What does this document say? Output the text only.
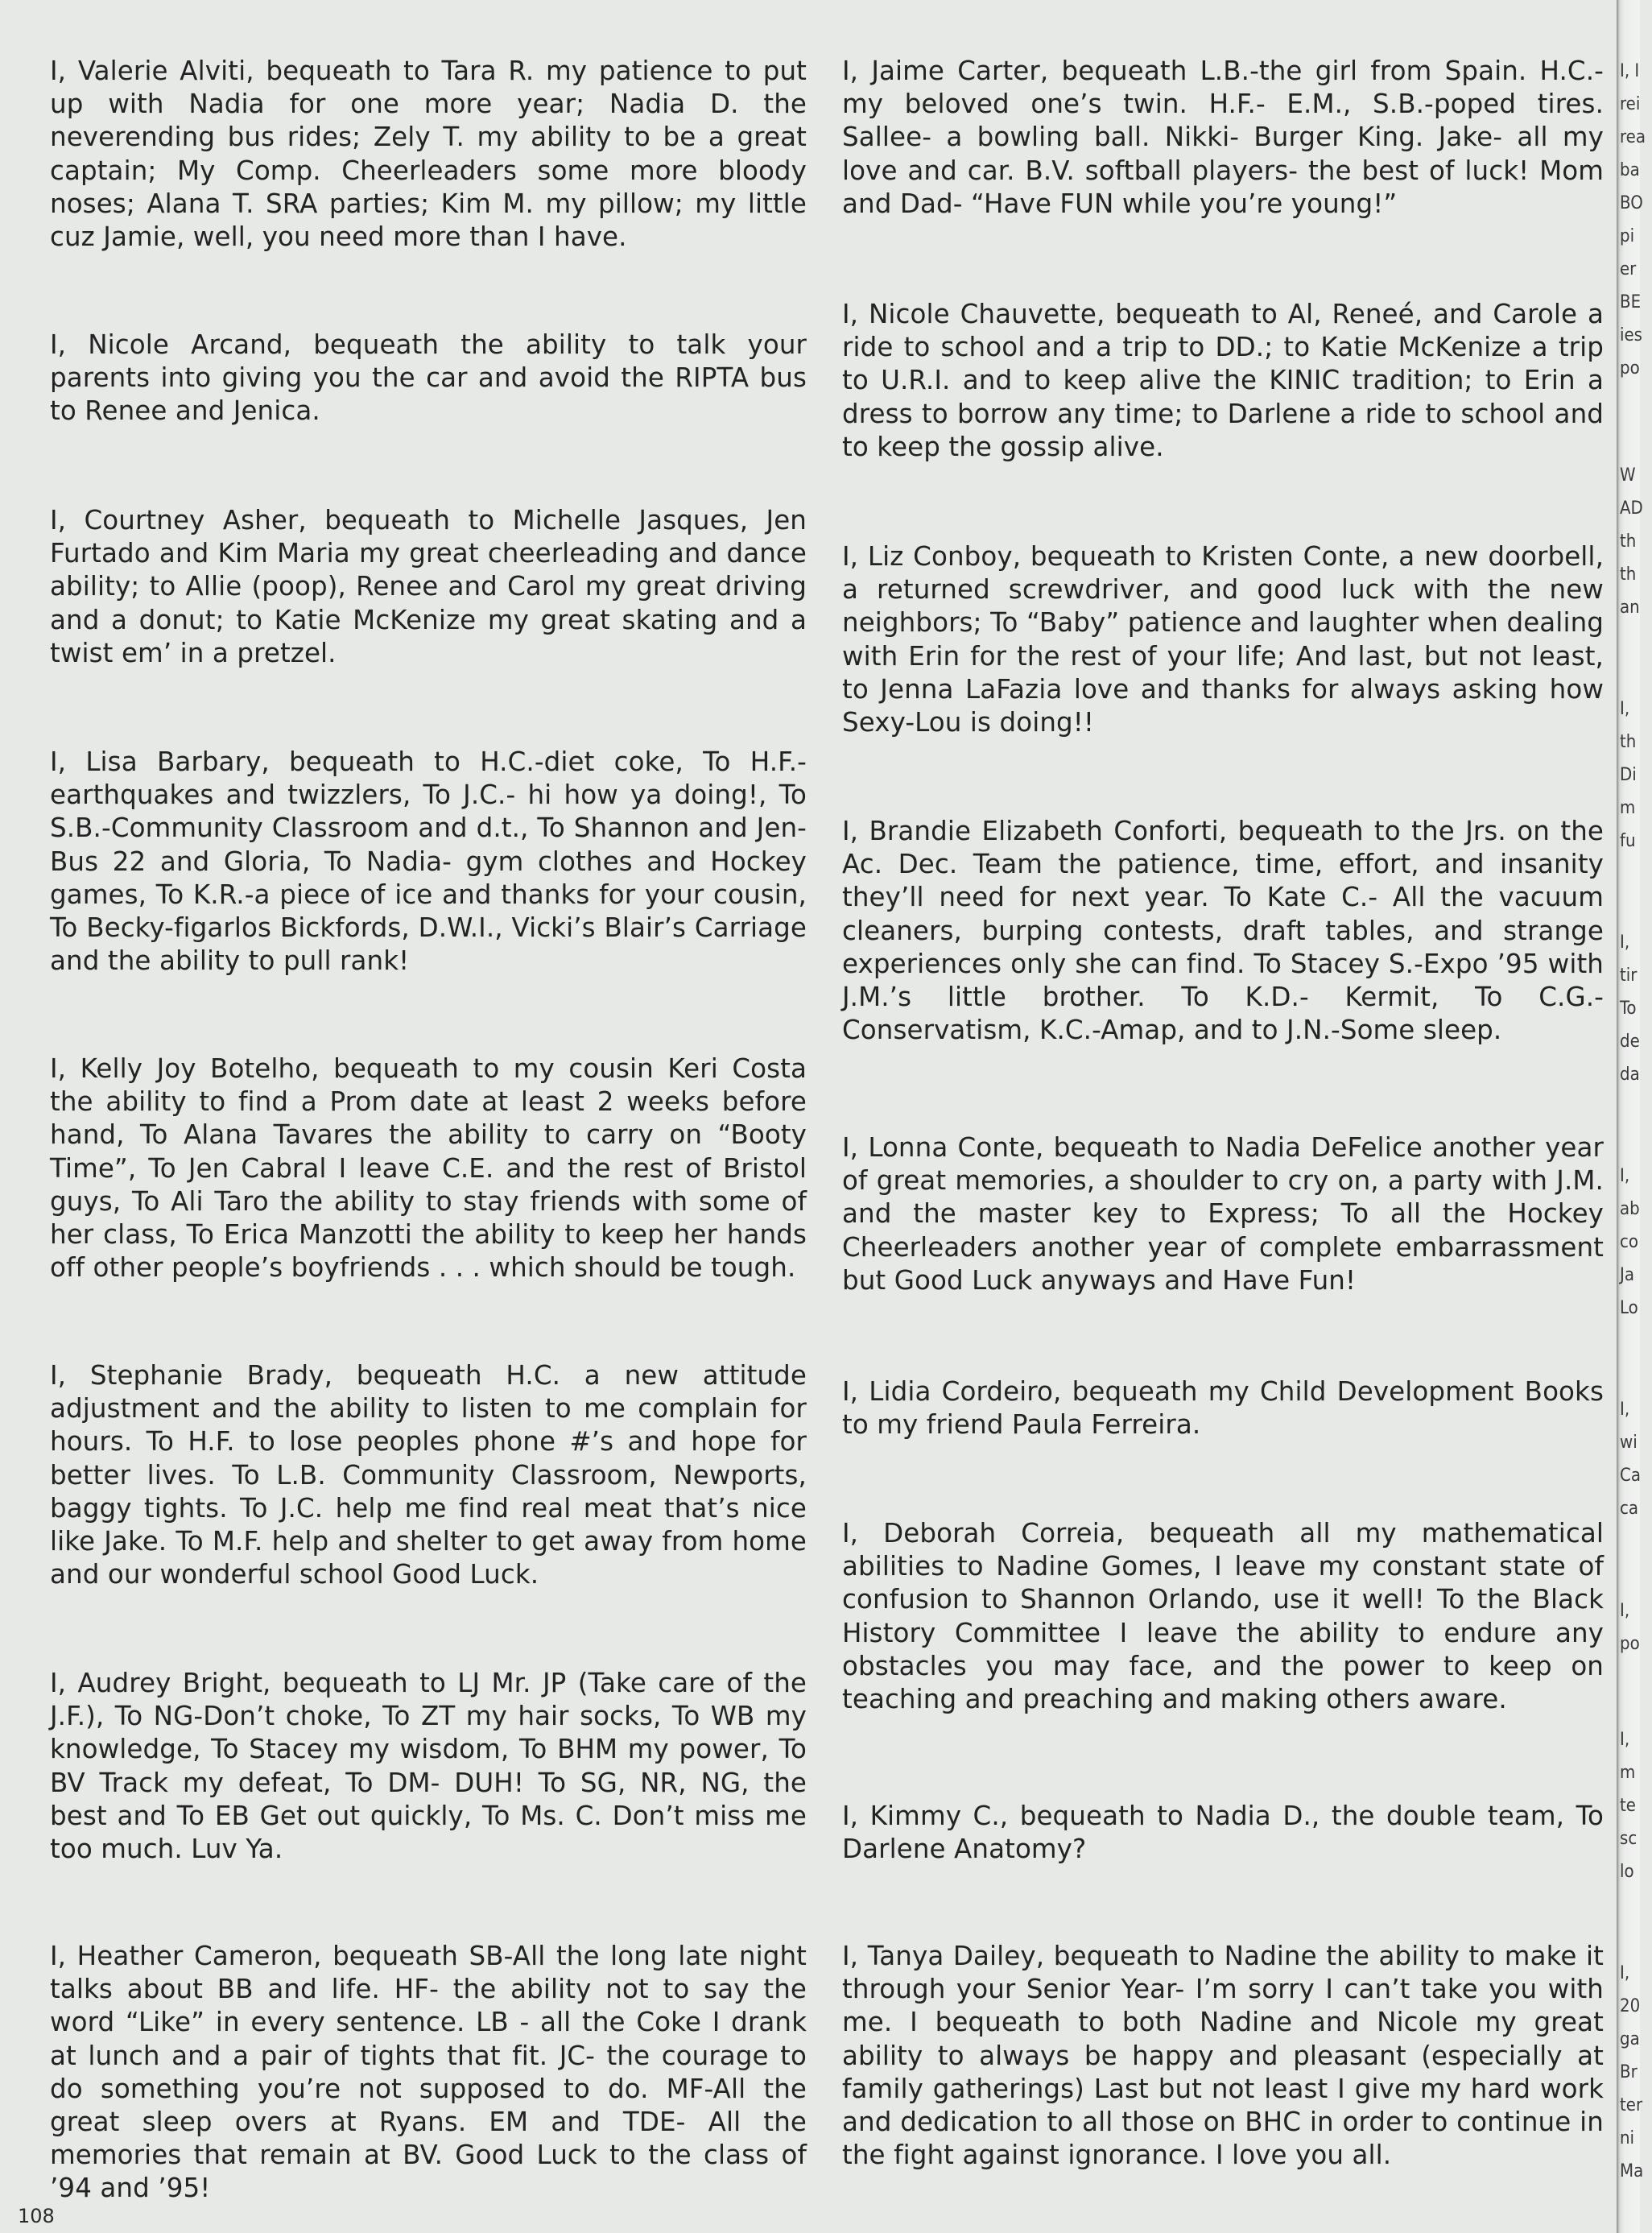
I, Valerie Alviti, bequeath to Tara R. my patience to put up with Nadia for one more year; Nadia D. the neverending bus rides; Zely T. my ability to be a great captain; My Comp. Cheerleaders some more bloody noses; Alana T. SRA parties; Kim M. my pillow; my little cuz Jamie, well, you need more than I have.

I, Nicole Arcand, bequeath the ability to talk your parents into giving you the car and avoid the RIPTA bus to Renee and Jenica.

I, Courtney Asher, bequeath to Michelle Jasques, Jen Furtado and Kim Maria my great cheerleading and dance ability; to Allie (poop), Renee and Carol my great driving and a donut; to Katie McKenize my great skating and a twist em’ in a pretzel.

I, Lisa Barbary, bequeath to H.C.-diet coke, To H.F.-earthquakes and twizzlers, To J.C.- hi how ya doing!, To S.B.-Community Classroom and d.t., To Shannon and Jen- Bus 22 and Gloria, To Nadia- gym clothes and Hockey games, To K.R.-a piece of ice and thanks for your cousin, To Becky-figarlos Bickfords, D.W.I., Vicki’s Blair’s Carriage and the ability to pull rank!

I, Kelly Joy Botelho, bequeath to my cousin Keri Costa the ability to find a Prom date at least 2 weeks before hand, To Alana Tavares the ability to carry on “Booty Time”, To Jen Cabral I leave C.E. and the rest of Bristol guys, To Ali Taro the ability to stay friends with some of her class, To Erica Manzotti the ability to keep her hands off other people’s boyfriends . . . which should be tough.

I, Stephanie Brady, bequeath H.C. a new attitude adjustment and the ability to listen to me complain for hours. To H.F. to lose peoples phone #’s and hope for better lives. To L.B. Community Classroom, Newports, baggy tights. To J.C. help me find real meat that’s nice like Jake. To M.F. help and shelter to get away from home and our wonderful school Good Luck.

I, Audrey Bright, bequeath to LJ Mr. JP (Take care of the J.F.), To NG-Don’t choke, To ZT my hair socks, To WB my knowledge, To Stacey my wisdom, To BHM my power, To BV Track my defeat, To DM- DUH! To SG, NR, NG, the best and To EB Get out quickly, To Ms. C. Don’t miss me too much. Luv Ya.

I, Heather Cameron, bequeath SB-All the long late night talks about BB and life. HF- the ability not to say the word “Like” in every sentence. LB - all the Coke I drank at lunch and a pair of tights that fit. JC- the courage to do something you’re not supposed to do. MF-All the great sleep overs at Ryans. EM and TDE- All the memories that remain at BV. Good Luck to the class of ’94 and ’95!

I, Jaime Carter, bequeath L.B.-the girl from Spain. H.C.- my beloved one’s twin. H.F.- E.M., S.B.-poped tires. Sallee- a bowling ball. Nikki- Burger King. Jake- all my love and car. B.V. softball players- the best of luck! Mom and Dad- “Have FUN while you’re young!”

I, Nicole Chauvette, bequeath to Al, Reneé, and Carole a ride to school and a trip to DD.; to Katie McKenize a trip to U.R.I. and to keep alive the KINIC tradition; to Erin a dress to borrow any time; to Darlene a ride to school and to keep the gossip alive.

I, Liz Conboy, bequeath to Kristen Conte, a new doorbell, a returned screwdriver, and good luck with the new neighbors; To “Baby” patience and laughter when dealing with Erin for the rest of your life; And last, but not least, to Jenna LaFazia love and thanks for always asking how Sexy-Lou is doing!!

I, Brandie Elizabeth Conforti, bequeath to the Jrs. on the Ac. Dec. Team the patience, time, effort, and insanity they’ll need for next year. To Kate C.- All the vacuum cleaners, burping contests, draft tables, and strange experiences only she can find. To Stacey S.-Expo ’95 with J.M.’s little brother. To K.D.- Kermit, To C.G.- Conservatism, K.C.-Amap, and to J.N.-Some sleep.

I, Lonna Conte, bequeath to Nadia DeFelice another year of great memories, a shoulder to cry on, a party with J.M. and the master key to Express; To all the Hockey Cheerleaders another year of complete embarrassment but Good Luck anyways and Have Fun!

I, Lidia Cordeiro, bequeath my Child Development Books to my friend Paula Ferreira.

I, Deborah Correia, bequeath all my mathematical abilities to Nadine Gomes, I leave my constant state of confusion to Shannon Orlando, use it well! To the Black History Committee I leave the ability to endure any obstacles you may face, and the power to keep on teaching and preaching and making others aware.

I, Kimmy C., bequeath to Nadia D., the double team, To Darlene Anatomy?

I, Tanya Dailey, bequeath to Nadine the ability to make it through your Senior Year- I’m sorry I can’t take you with me. I bequeath to both Nadine and Nicole my great ability to always be happy and pleasant (especially at family gatherings) Last but not least I give my hard work and dedication to all those on BHC in order to continue in the fight against ignorance. I love you all.

108
I, I
rei
rea
ba
BO
pi
er
BE
ies
po
W
AD
th
th
an
I,
th
Di
m
fu
I,
tir
To
de
da
I,
ab
co
Ja
Lo
I,
wi
Ca
ca
I,
po
I,
m
te
sc
lo
I,
20
ga
Br
ter
ni
Ma
